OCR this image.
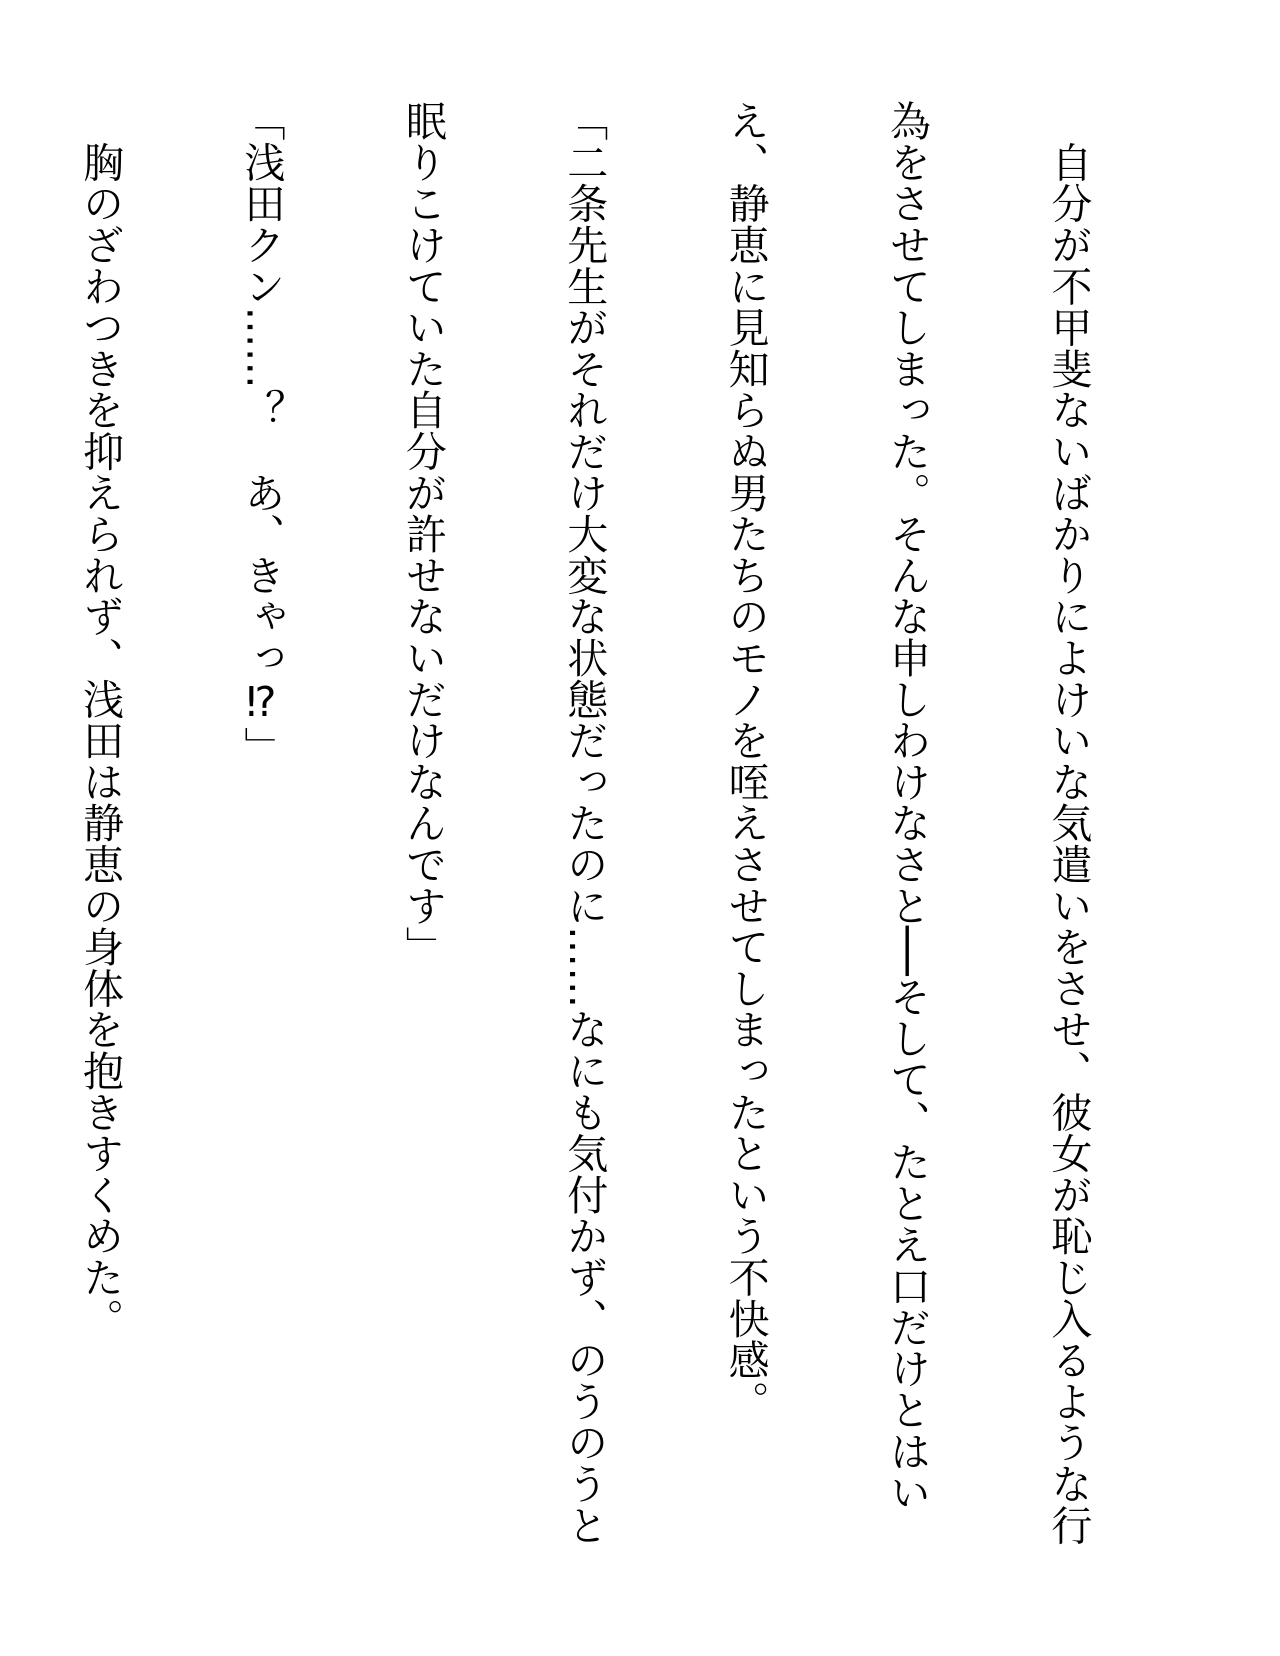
　自分が不甲斐ないばかりによけいな気遣いをさせ、彼女が恥じ入るような行

為をさせてしまった。そんな申しわけなさと──そして、たとえ口だけとはい

え、静恵に見知らぬ男たちのモノを咥えさせてしまったという不快感。

「二条先生がそれだけ大変な状態だったのに……なにも気付かず、のうのうと

眠りこけていた自分が許せないだけなんです」

「浅田クン……？　あ、きゃっ⁉」

　胸のざわつきを抑えられず、浅田は静恵の身体を抱きすくめた。
